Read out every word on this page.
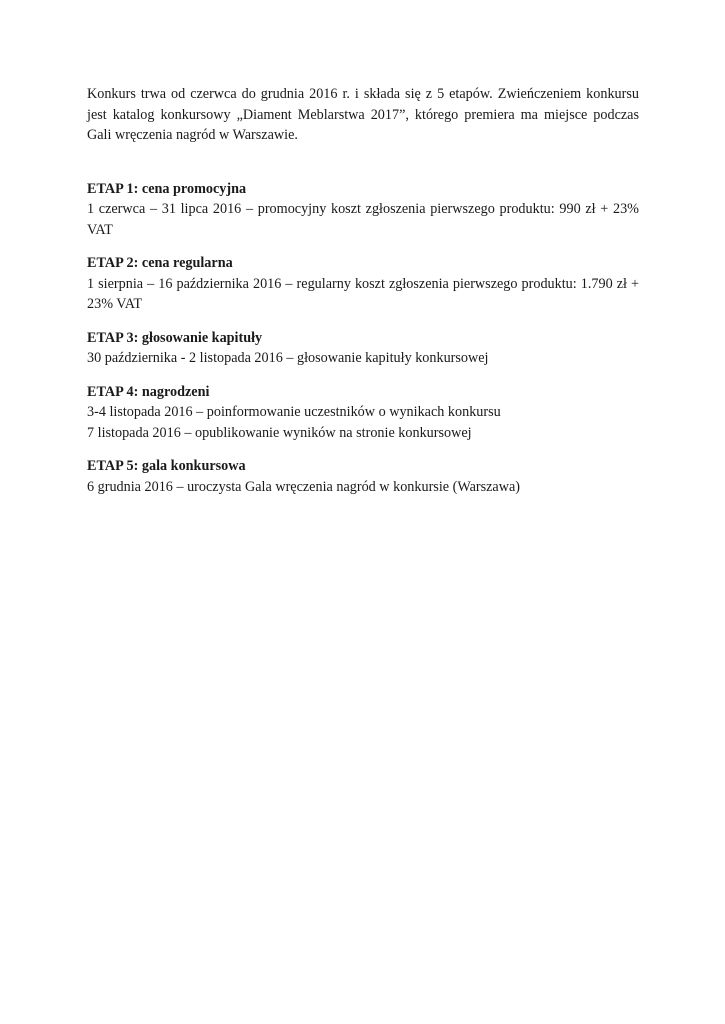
Konkurs trwa od czerwca do grudnia 2016 r. i składa się z 5 etapów. Zwieńczeniem konkursu jest katalog konkursowy „Diament Meblarstwa 2017”, którego premiera ma miejsce podczas Gali wręczenia nagród w Warszawie.

ETAP 1: cena promocyjna
1 czerwca – 31 lipca 2016 – promocyjny koszt zgłoszenia pierwszego produktu: 990 zł + 23% VAT
ETAP 2: cena regularna
1 sierpnia – 16 października 2016 – regularny koszt zgłoszenia pierwszego produktu: 1.790 zł + 23% VAT
ETAP 3: głosowanie kapituły
30 października - 2 listopada 2016 – głosowanie kapituły konkursowej
ETAP 4: nagrodzeni
3-4 listopada 2016 – poinformowanie uczestników o wynikach konkursu
7 listopada 2016 – opublikowanie wyników na stronie konkursowej
ETAP 5: gala konkursowa
6 grudnia 2016 – uroczysta Gala wręczenia nagród w konkursie (Warszawa)
